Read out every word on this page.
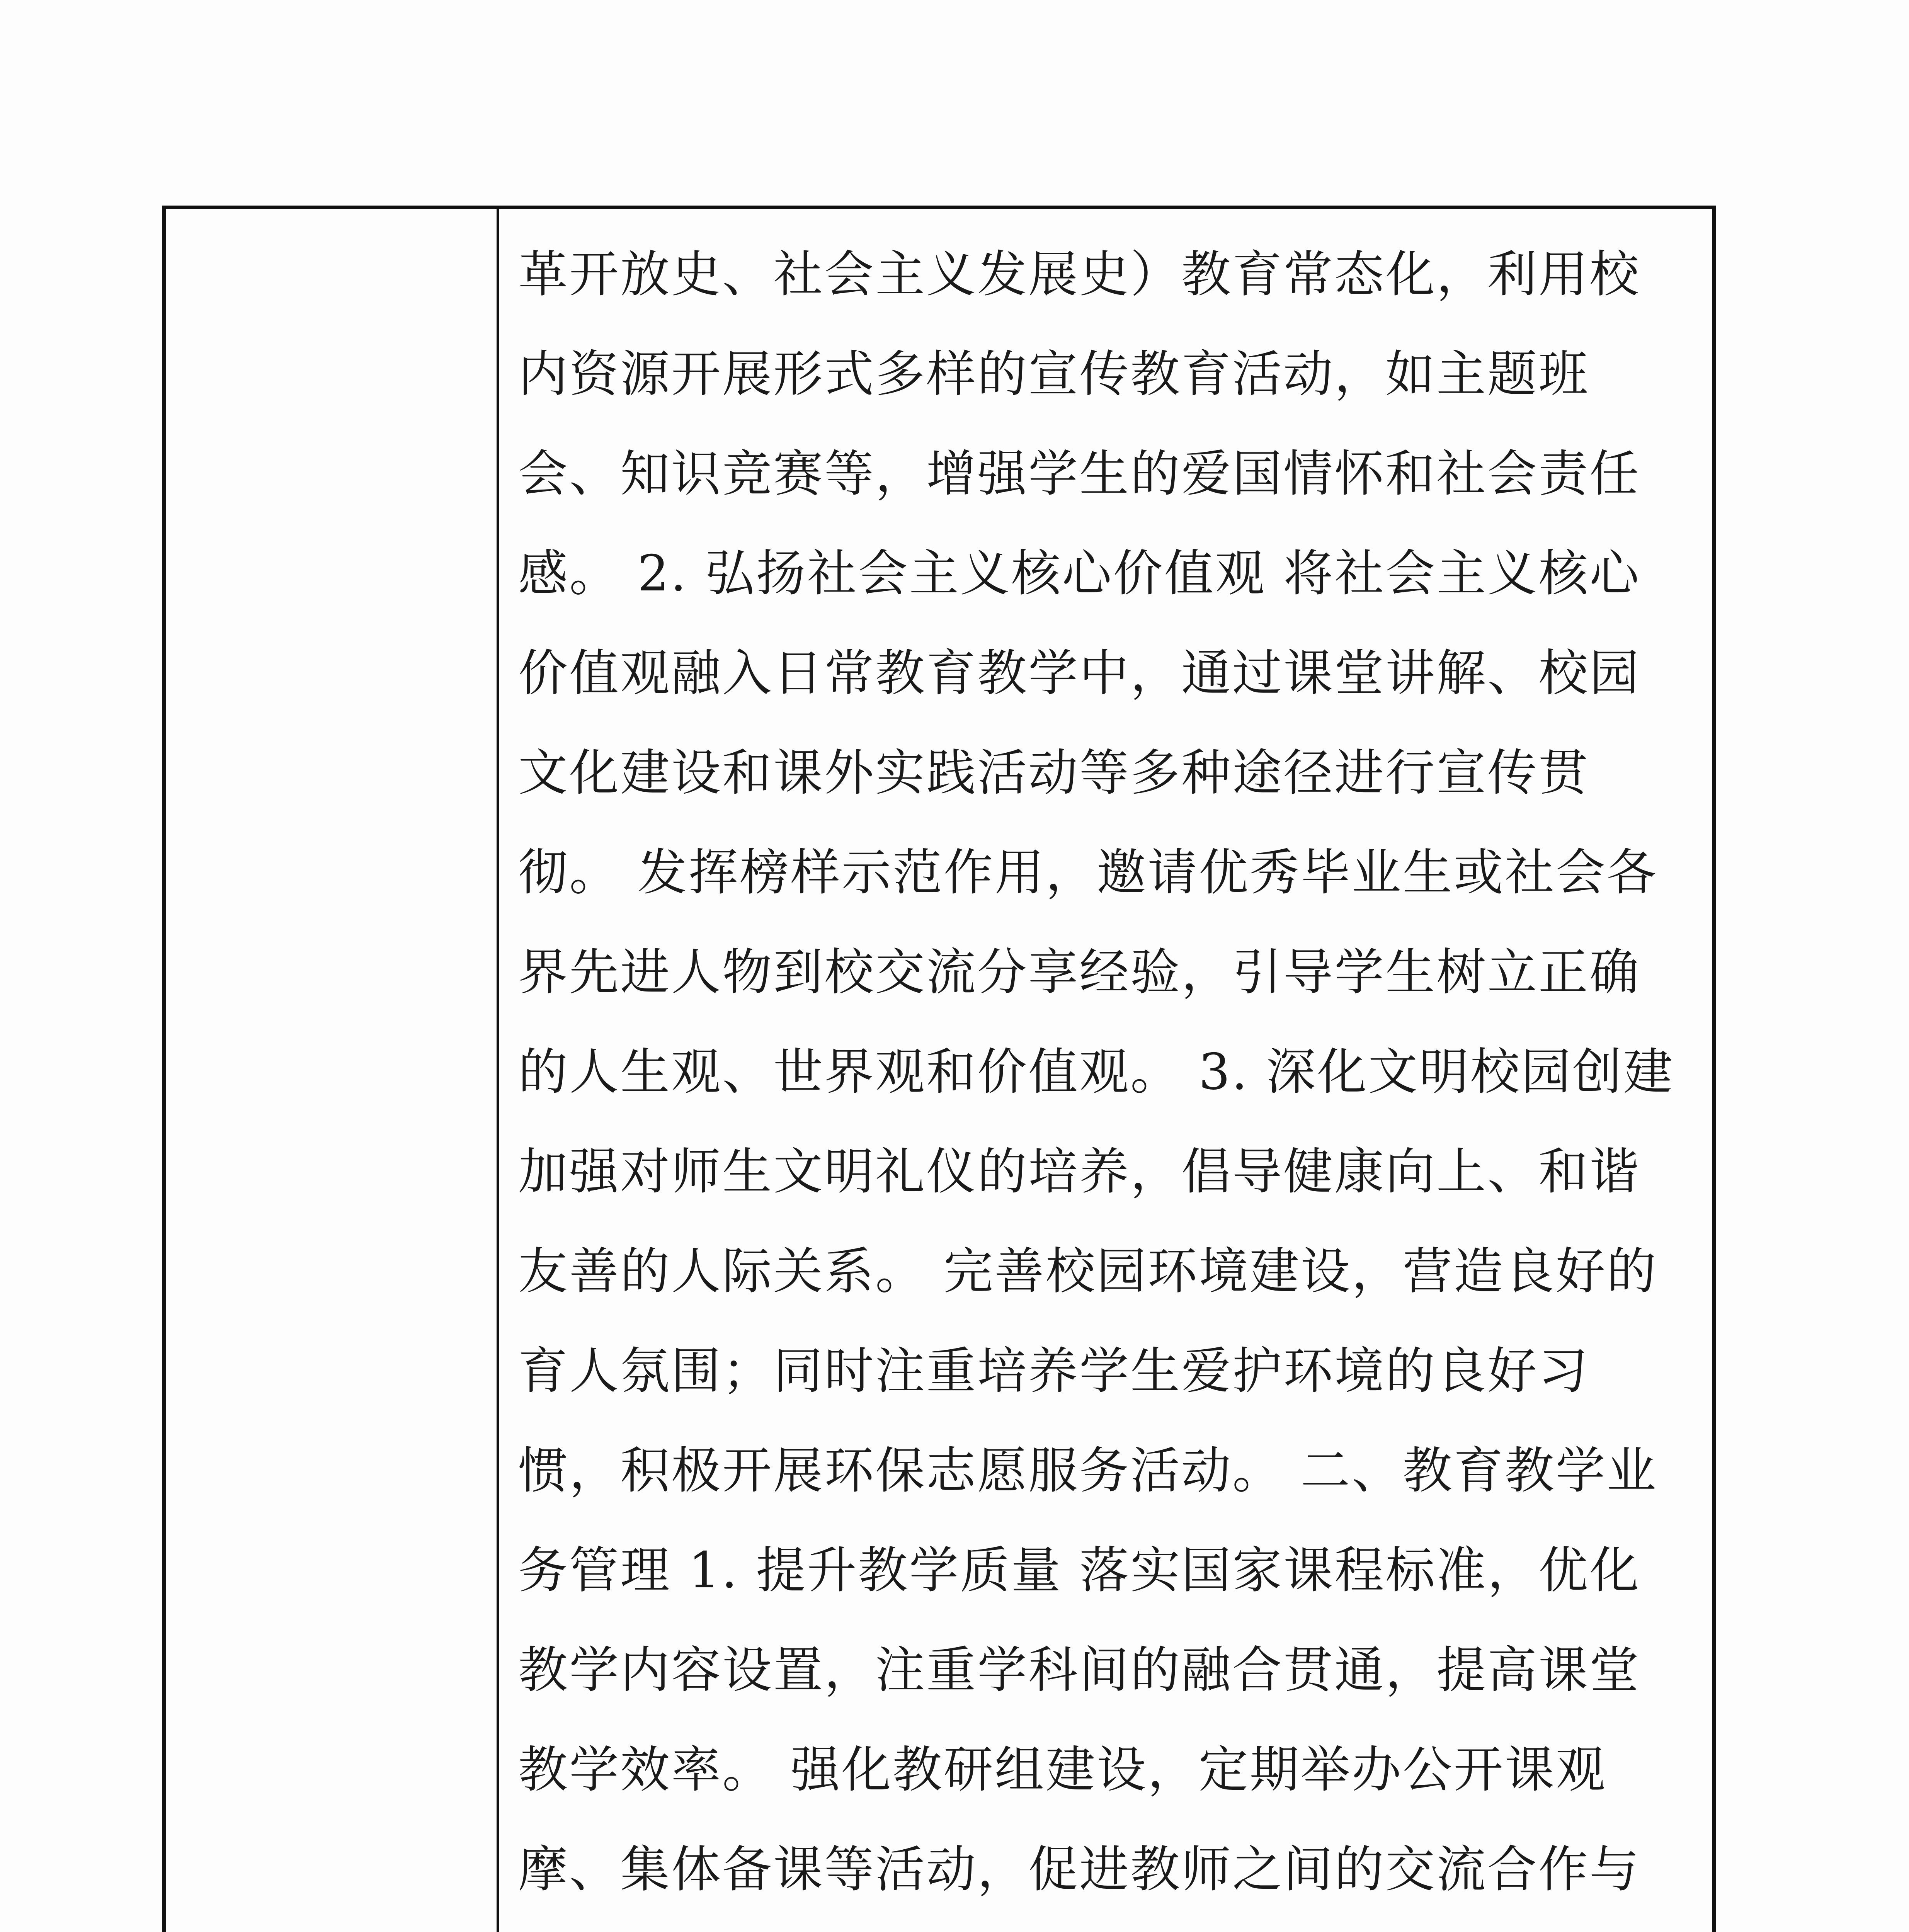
革开放史、社会主义发展史）教育常态化，利用校
内资源开展形式多样的宣传教育活动，如主题班
会、知识竞赛等，增强学生的爱国情怀和社会责任
感。 2. 弘扬社会主义核心价值观 将社会主义核心
价值观融入日常教育教学中，通过课堂讲解、校园
文化建设和课外实践活动等多种途径进行宣传贯
彻。 发挥榜样示范作用，邀请优秀毕业生或社会各
界先进人物到校交流分享经验，引导学生树立正确
的人生观、世界观和价值观。 3. 深化文明校园创建
加强对师生文明礼仪的培养，倡导健康向上、和谐
友善的人际关系。 完善校园环境建设，营造良好的
育人氛围；同时注重培养学生爱护环境的良好习
惯，积极开展环保志愿服务活动。 二、教育教学业
务管理 1. 提升教学质量 落实国家课程标准，优化
教学内容设置，注重学科间的融合贯通，提高课堂
教学效率。 强化教研组建设，定期举办公开课观
摩、集体备课等活动，促进教师之间的交流合作与
